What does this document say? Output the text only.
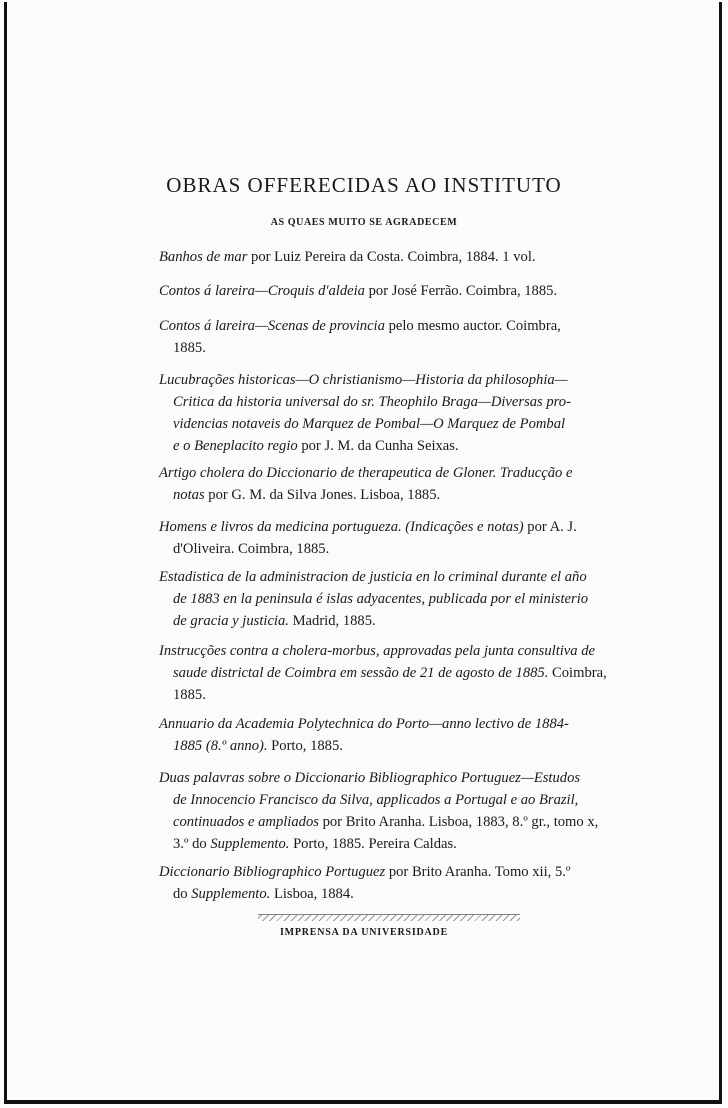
OBRAS OFFERECIDAS AO INSTITUTO
AS QUAES MUITO SE AGRADECEM
Banhos de mar por Luiz Pereira da Costa. Coimbra, 1884. 1 vol.
Contos á lareira—Croquis d'aldeia por José Ferrão. Coimbra, 1885.
Contos á lareira—Scenas de provincia pelo mesmo auctor. Coimbra,
1885.
Lucubrações historicas—O christianismo—Historia da philosophia—
Critica da historia universal do sr. Theophilo Braga—Diversas pro-
videncias notaveis do Marquez de Pombal—O Marquez de Pombal
e o Beneplacito regio por J. M. da Cunha Seixas.
Artigo cholera do Diccionario de therapeutica de Gloner. Traducção e
notas por G. M. da Silva Jones. Lisboa, 1885.
Homens e livros da medicina portugueza. (Indicações e notas) por A. J.
d'Oliveira. Coimbra, 1885.
Estadistica de la administracion de justicia en lo criminal durante el año
de 1883 en la peninsula é islas adyacentes, publicada por el ministerio
de gracia y justicia. Madrid, 1885.
Instrucções contra a cholera-morbus, approvadas pela junta consultiva de
saude districtal de Coimbra em sessão de 21 de agosto de 1885. Coimbra,
1885.
Annuario da Academia Polytechnica do Porto—anno lectivo de 1884-
1885 (8.º anno). Porto, 1885.
Duas palavras sobre o Diccionario Bibliographico Portuguez—Estudos
de Innocencio Francisco da Silva, applicados a Portugal e ao Brazil,
continuados e ampliados por Brito Aranha. Lisboa, 1883, 8.º gr., tomo x,
3.º do Supplemento. Porto, 1885. Pereira Caldas.
Diccionario Bibliographico Portuguez por Brito Aranha. Tomo xii, 5.º
do Supplemento. Lisboa, 1884.
IMPRENSA DA UNIVERSIDADE
